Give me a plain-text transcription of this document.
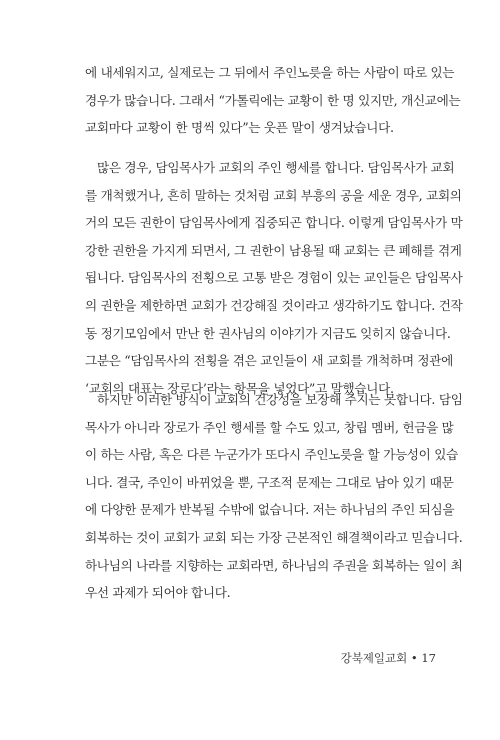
에 내세워지고, 실제로는 그 뒤에서 주인노릇을 하는 사람이 따로 있는
경우가 많습니다. 그래서 “가톨릭에는 교황이 한 명 있지만, 개신교에는
교회마다 교황이 한 명씩 있다”는 웃픈 말이 생겨났습니다.
많은 경우, 담임목사가 교회의 주인 행세를 합니다. 담임목사가 교회
를 개척했거나, 흔히 말하는 것처럼 교회 부흥의 공을 세운 경우, 교회의
거의 모든 권한이 담임목사에게 집중되곤 합니다. 이렇게 담임목사가 막
강한 권한을 가지게 되면서, 그 권한이 남용될 때 교회는 큰 폐해를 겪게
됩니다. 담임목사의 전횡으로 고통 받은 경험이 있는 교인들은 담임목사
의 권한을 제한하면 교회가 건강해질 것이라고 생각하기도 합니다. 건작
동 정기모임에서 만난 한 권사님의 이야기가 지금도 잊히지 않습니다.
그분은 “담임목사의 전횡을 겪은 교인들이 새 교회를 개척하며 정관에
‘교회의 대표는 장로다’라는 항목을 넣었다”고 말했습니다.
하지만 이러한 방식이 교회의 건강성을 보장해 주지는 못합니다. 담임
목사가 아니라 장로가 주인 행세를 할 수도 있고, 창립 멤버, 헌금을 많
이 하는 사람, 혹은 다른 누군가가 또다시 주인노릇을 할 가능성이 있습
니다. 결국, 주인이 바뀌었을 뿐, 구조적 문제는 그대로 남아 있기 때문
에 다양한 문제가 반복될 수밖에 없습니다. 저는 하나님의 주인 되심을
회복하는 것이 교회가 교회 되는 가장 근본적인 해결책이라고 믿습니다.
하나님의 나라를 지향하는 교회라면, 하나님의 주권을 회복하는 일이 최
우선 과제가 되어야 합니다.
강북제일교회 • 17
